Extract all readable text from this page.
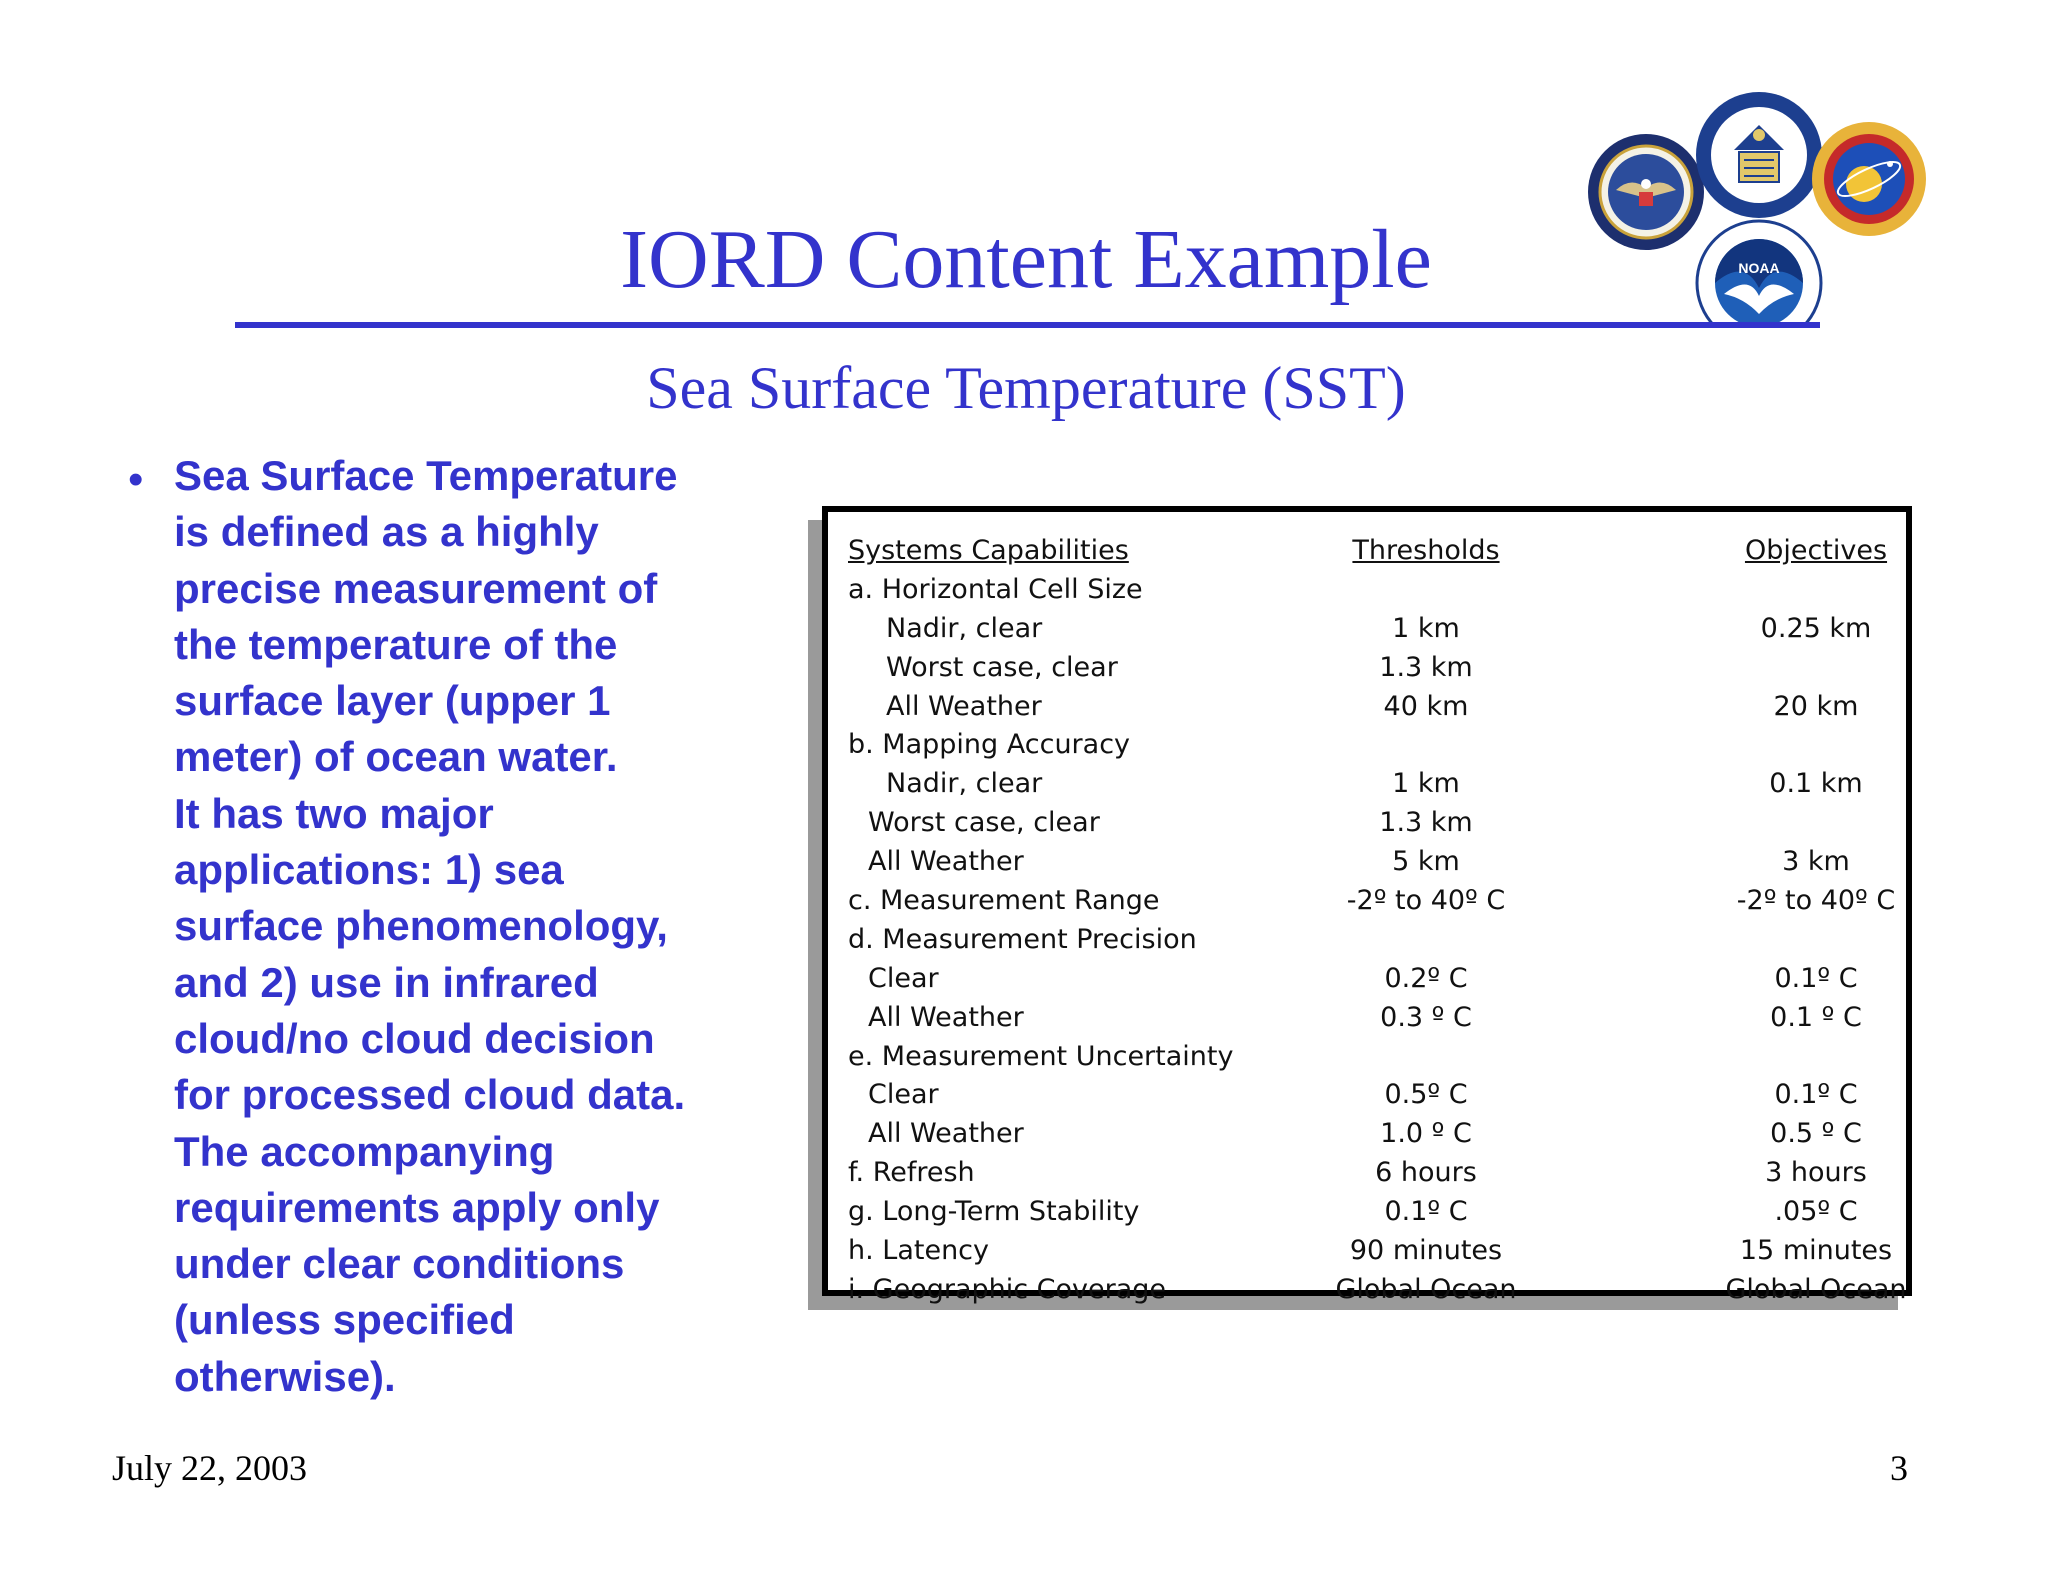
NOAA
IORD Content Example
Sea Surface Temperature (SST)
• Sea Surface Temperature
is defined as a highly
precise measurement of
the temperature of the
surface layer (upper 1
meter) of ocean water.
It has two major
applications: 1) sea
surface phenomenology,
and 2) use in infrared
cloud/no cloud decision
for processed cloud data.
The accompanying
requirements apply only
under clear conditions
(unless specified
otherwise).
Systems Capabilities	Thresholds	Objectives
a. Horizontal Cell Size
Nadir, clear	1 km	0.25 km
Worst case, clear	1.3 km
All Weather	40 km	20 km
b. Mapping Accuracy
Nadir, clear	1 km	0.1 km
Worst case, clear	1.3 km
All Weather	5 km	3 km
c. Measurement Range	-2º to 40º C	-2º to 40º C
d. Measurement Precision
Clear	0.2º C	0.1º C
All Weather	0.3 º C	0.1 º C
e. Measurement Uncertainty
Clear	0.5º C	0.1º C
All Weather	1.0 º C	0.5 º C
f. Refresh	6 hours	3 hours
g. Long-Term Stability	0.1º C	.05º C
h. Latency	90 minutes	15 minutes
i. Geographic Coverage	Global Ocean	Global Ocean
July 22, 2003	3
